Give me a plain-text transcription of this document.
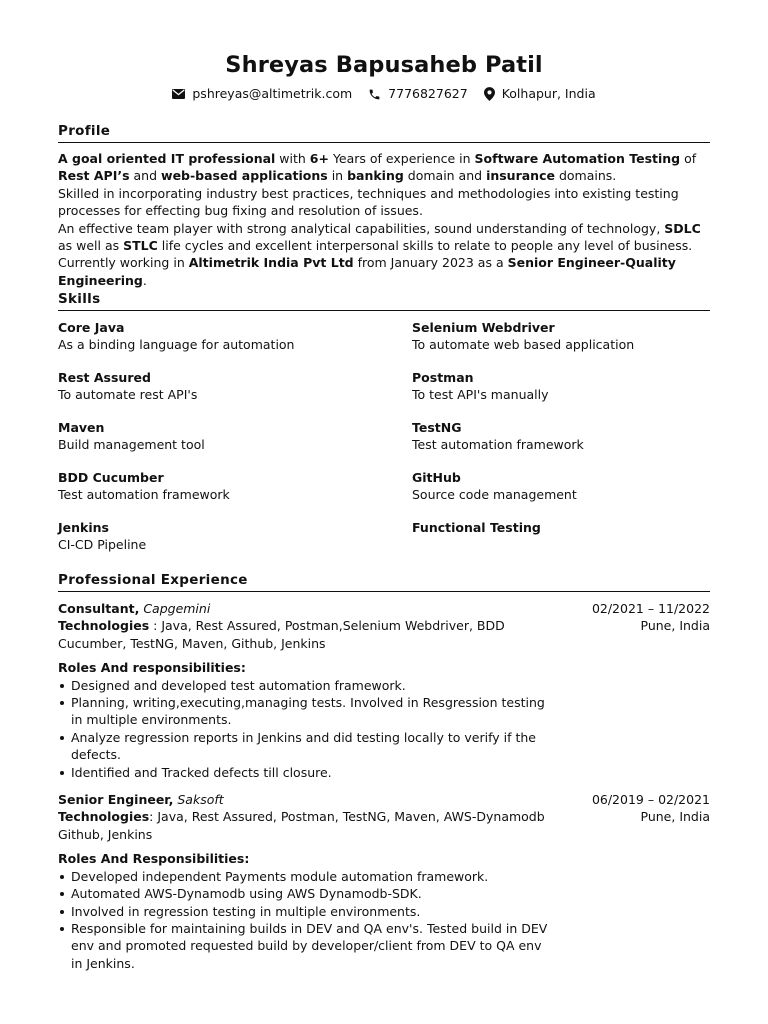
Shreyas Bapusaheb Patil
pshreyas@altimetrik.com	7776827627	Kolhapur, India
Profile

A goal oriented IT professional with 6+ Years of experience in Software Automation Testing of Rest API’s and web-based applications in banking domain and insurance domains.

Skilled in incorporating industry best practices, techniques and methodologies into existing testing processes for effecting bug fixing and resolution of issues.

An effective team player with strong analytical capabilities, sound understanding of technology, SDLC as well as STLC life cycles and excellent interpersonal skills to relate to people any level of business.

Currently working in Altimetrik India Pvt Ltd from January 2023 as a Senior Engineer-Quality Engineering.

Skills
Core Java
As a binding language for automation
Selenium Webdriver
To automate web based application
Rest Assured
To automate rest API's
Postman
To test API's manually
Maven
Build management tool
TestNG
Test automation framework
BDD Cucumber
Test automation framework
GitHub
Source code management
Jenkins
CI-CD Pipeline
Functional Testing
Professional Experience
Consultant, Capgemini
Technologies : Java, Rest Assured, Postman,Selenium Webdriver, BDD Cucumber, TestNG, Maven, Github, Jenkins
02/2021 – 11/2022
Pune, India
Roles And responsibilities:
Designed and developed test automation framework.
Planning, writing,executing,managing tests. Involved in Resgression testing in multiple environments.
Analyze regression reports in Jenkins and did testing locally to verify if the defects.
Identified and Tracked defects till closure.
Senior Engineer, Saksoft
Technologies: Java, Rest Assured, Postman, TestNG, Maven, AWS-Dynamodb Github, Jenkins
06/2019 – 02/2021
Pune, India
Roles And Responsibilities:
Developed independent Payments module automation framework.
Automated AWS-Dynamodb using AWS Dynamodb-SDK.
Involved in regression testing in multiple environments.
Responsible for maintaining builds in DEV and QA env's. Tested build in DEV env and promoted requested build by developer/client from DEV to QA env in Jenkins.
